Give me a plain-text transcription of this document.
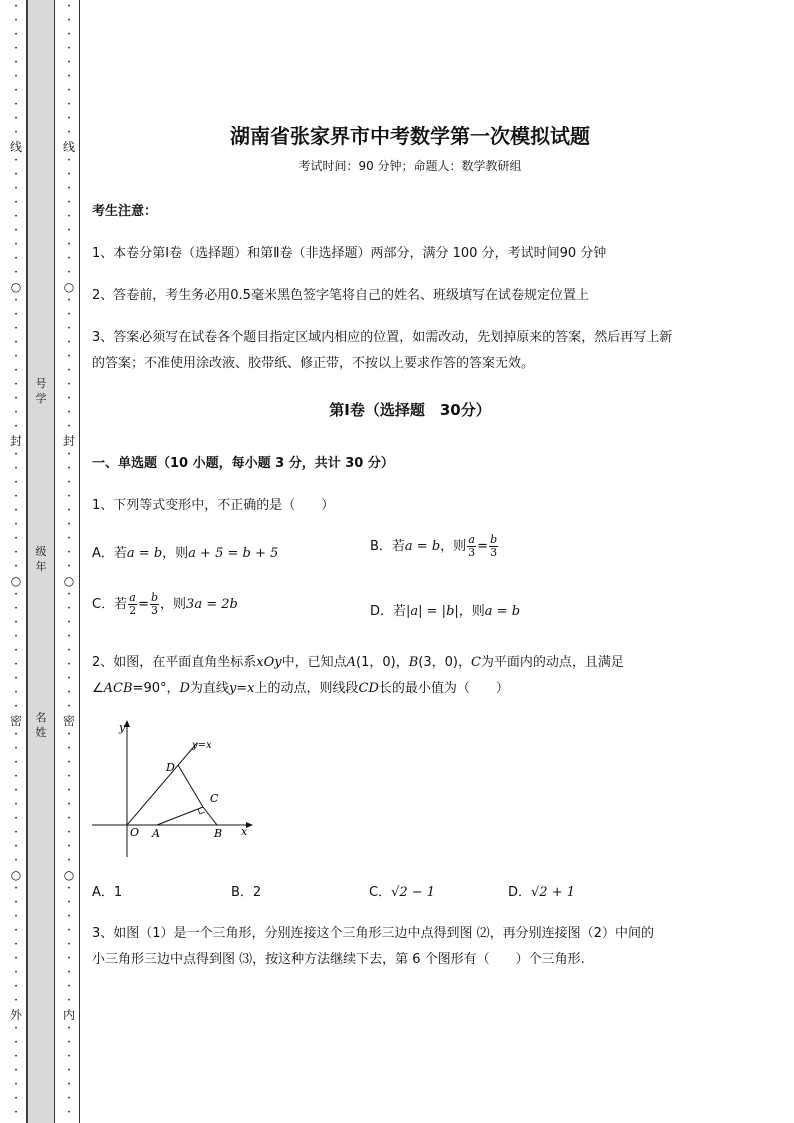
•
•
•
•
•
•
•
•
•
•
线
•
•
•
•
•
•
•
•
•
○
•
•
•
•
•
•
•
•
•
•
封
•
•
•
•
•
•
•
•
•
○
•
•
•
•
•
•
•
•
•
密
•
•
•
•
•
•
•
•
•
•
○
•
•
•
•
•
•
•
•
•
外
•
•
•
•
•
•
•
•
•
•
•
•
•
•
•
•
•
线
•
•
•
•
•
•
•
•
•
○
•
•
•
•
•
•
•
•
•
•
封
•
•
•
•
•
•
•
•
•
○
•
•
•
•
•
•
•
•
•
密
•
•
•
•
•
•
•
•
•
•
○
•
•
•
•
•
•
•
•
•
内
•
•
•
•
•
•
•
号
学
级
年
名
姓
湖南省张家界市中考数学第一次模拟试题
考试时间：90 分钟；命题人：数学教研组
考生注意：
1、本卷分第Ⅰ卷（选择题）和第Ⅱ卷（非选择题）两部分，满分 100 分，考试时间90 分钟
2、答卷前，考生务必用0.5毫米黑色签字笔将自己的姓名、班级填写在试卷规定位置上
3、答案必须写在试卷各个题目指定区域内相应的位置，如需改动，先划掉原来的答案，然后再写上新
的答案；不准使用涂改液、胶带纸、修正带，不按以上要求作答的答案无效。
第Ⅰ卷（选择题　30分）
一、单选题（10 小题，每小题 3 分，共计 30 分）
1、下列等式变形中，不正确的是（　　）
A．若a = b，则a + 5 = b + 5	B．若a = b，则 $\frac{a}{3} = \frac{b}{3}$
C．若 $\frac{a}{2} = \frac{b}{3}$ ，则3a = 2b	D．若|a| = |b|，则a = b
2、如图，在平面直角坐标系xOy中，已知点A(1，0)，B(3，0)，C为平面内的动点，且满足
∠ACB=90°，D为直线y=x上的动点，则线段CD长的最小值为（　　）
y
x
y=x
O A	B
C
D
A．1	B．2	C．√2 − 1	D．√2 + 1
3、如图（1）是一个三角形，分别连接这个三角形三边中点得到图 ⑵，再分别连接图（2）中间的
小三角形三边中点得到图 ⑶，按这种方法继续下去，第 6 个图形有（　　）个三角形.
